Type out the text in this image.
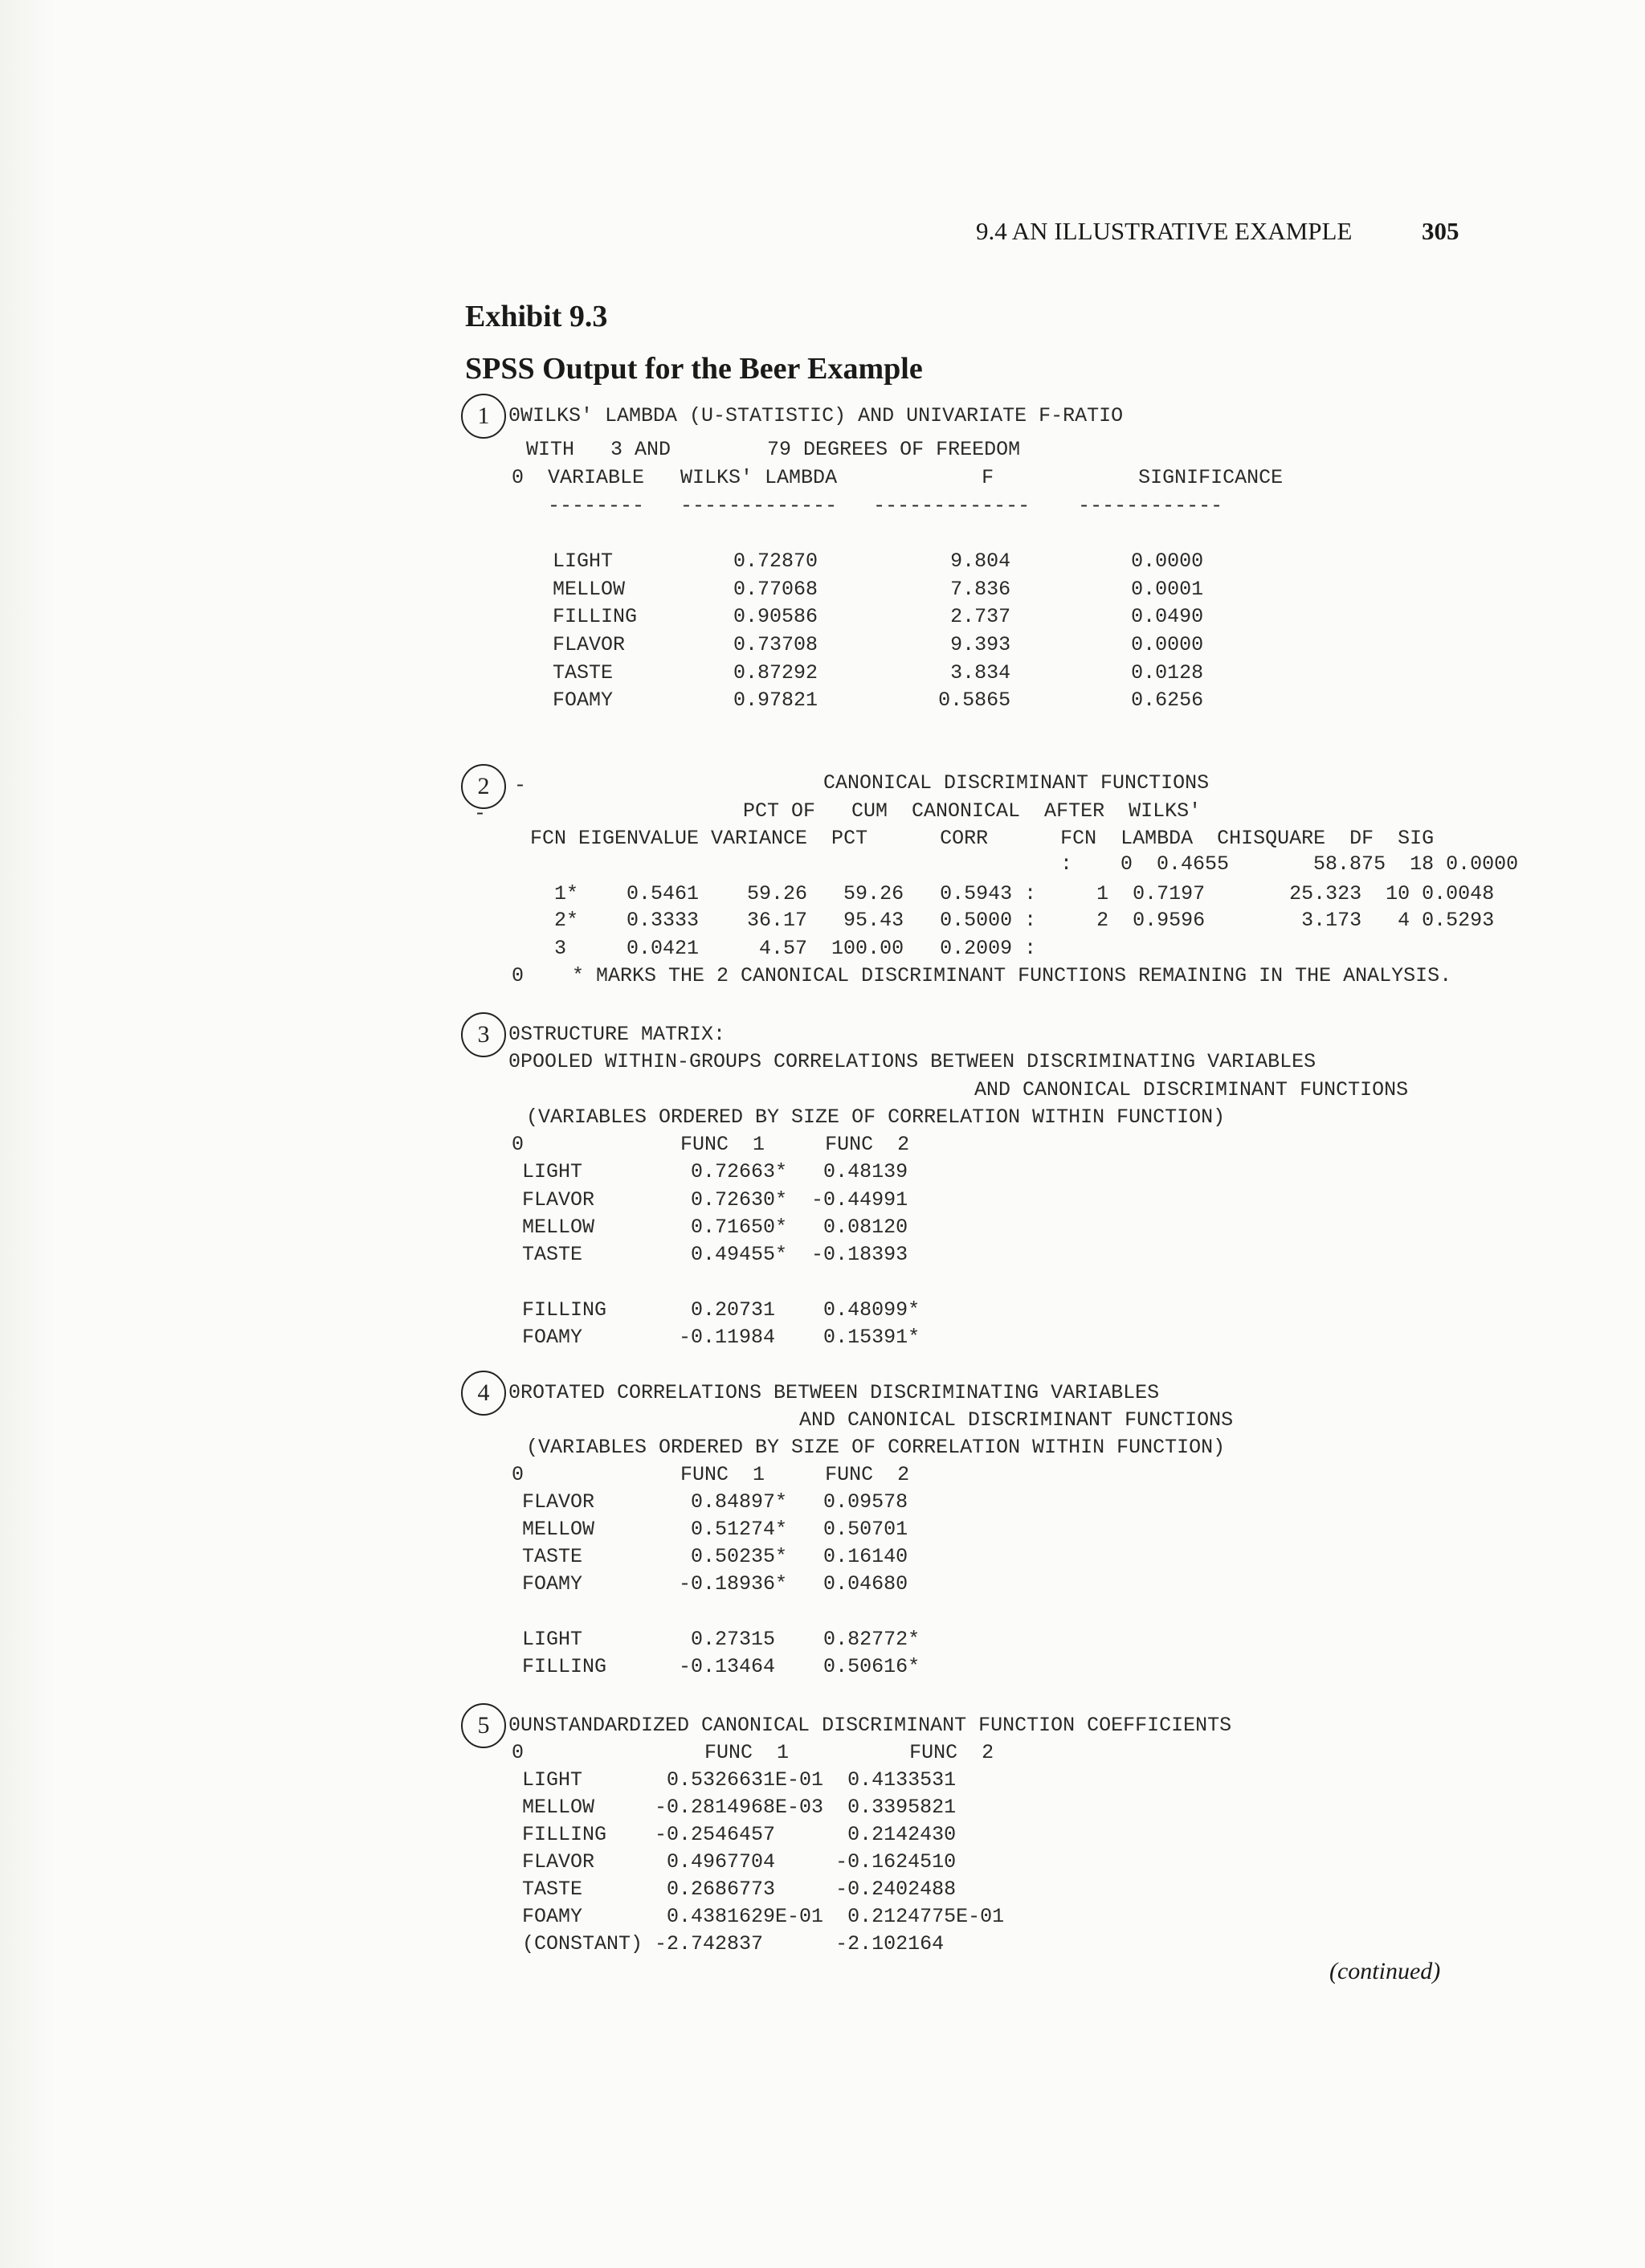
9.4 AN ILLUSTRATIVE EXAMPLE	305
Exhibit 9.3
SPSS Output for the Beer Example
1 0WILKS' LAMBDA (U-STATISTIC) AND UNIVARIATE F-RATIO
WITH   3 AND        79 DEGREES OF FREEDOM
0  VARIABLE   WILKS' LAMBDA            F            SIGNIFICANCE
--------   -------------   -------------    ------------
LIGHT          0.72870           9.804          0.0000
MELLOW         0.77068           7.836          0.0001
FILLING        0.90586           2.737          0.0490
FLAVOR         0.73708           9.393          0.0000
TASTE          0.87292           3.834          0.0128
FOAMY          0.97821          0.5865          0.6256
2	-
-
CANONICAL DISCRIMINANT FUNCTIONS
PCT OF   CUM  CANONICAL  AFTER  WILKS'
FCN EIGENVALUE VARIANCE  PCT      CORR      FCN  LAMBDA  CHISQUARE  DF  SIG
:    0  0.4655       58.875  18 0.0000
1*    0.5461    59.26   59.26   0.5943 :     1  0.7197       25.323  10 0.0048
2*    0.3333    36.17   95.43   0.5000 :     2  0.9596        3.173   4 0.5293
3     0.0421     4.57  100.00   0.2009 :
0    * MARKS THE 2 CANONICAL DISCRIMINANT FUNCTIONS REMAINING IN THE ANALYSIS.
3 0STRUCTURE MATRIX:
0POOLED WITHIN-GROUPS CORRELATIONS BETWEEN DISCRIMINATING VARIABLES
AND CANONICAL DISCRIMINANT FUNCTIONS
(VARIABLES ORDERED BY SIZE OF CORRELATION WITHIN FUNCTION)
0             FUNC  1     FUNC  2
LIGHT         0.72663*   0.48139
FLAVOR        0.72630*  -0.44991
MELLOW        0.71650*   0.08120
TASTE         0.49455*  -0.18393
FILLING       0.20731    0.48099*
FOAMY        -0.11984    0.15391*
4 0ROTATED CORRELATIONS BETWEEN DISCRIMINATING VARIABLES
AND CANONICAL DISCRIMINANT FUNCTIONS
(VARIABLES ORDERED BY SIZE OF CORRELATION WITHIN FUNCTION)
0             FUNC  1     FUNC  2
FLAVOR        0.84897*   0.09578
MELLOW        0.51274*   0.50701
TASTE         0.50235*   0.16140
FOAMY        -0.18936*   0.04680
LIGHT         0.27315    0.82772*
FILLING      -0.13464    0.50616*
5 0UNSTANDARDIZED CANONICAL DISCRIMINANT FUNCTION COEFFICIENTS
0               FUNC  1          FUNC  2
LIGHT       0.5326631E-01  0.4133531
MELLOW     -0.2814968E-03  0.3395821
FILLING    -0.2546457      0.2142430
FLAVOR      0.4967704     -0.1624510
TASTE       0.2686773     -0.2402488
FOAMY       0.4381629E-01  0.2124775E-01
(CONSTANT) -2.742837      -2.102164
(continued)
